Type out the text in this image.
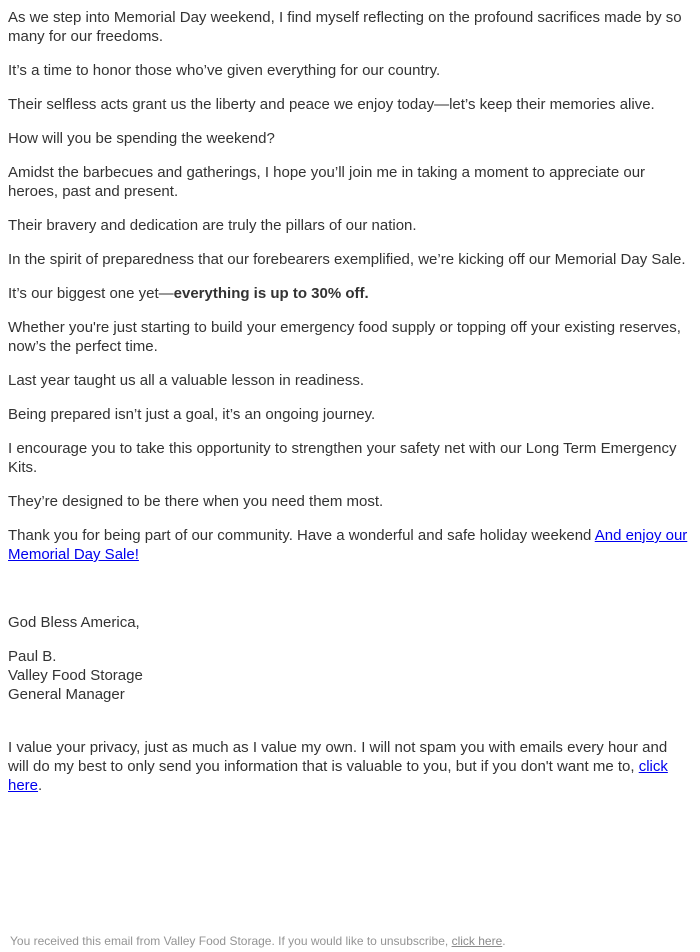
As we step into Memorial Day weekend, I find myself reflecting on the profound sacrifices made by so many for our freedoms.

It’s a time to honor those who’ve given everything for our country.

Their selfless acts grant us the liberty and peace we enjoy today—let’s keep their memories alive.

How will you be spending the weekend?

Amidst the barbecues and gatherings, I hope you’ll join me in taking a moment to appreciate our heroes, past and present.

Their bravery and dedication are truly the pillars of our nation.

In the spirit of preparedness that our forebearers exemplified, we’re kicking off our Memorial Day Sale.

It’s our biggest one yet—everything is up to 30% off.

Whether you're just starting to build your emergency food supply or topping off your existing reserves, now’s the perfect time.

Last year taught us all a valuable lesson in readiness.

Being prepared isn’t just a goal, it’s an ongoing journey.

I encourage you to take this opportunity to strengthen your safety net with our Long Term Emergency Kits.

They’re designed to be there when you need them most.

Thank you for being part of our community. Have a wonderful and safe holiday weekend And enjoy our Memorial Day Sale!

God Bless America,

Paul B.
Valley Food Storage
General Manager

I value your privacy, just as much as I value my own. I will not spam you with emails every hour and will do my best to only send you information that is valuable to you, but if you don't want me to, click here.

You received this email from Valley Food Storage. If you would like to unsubscribe, click here.
